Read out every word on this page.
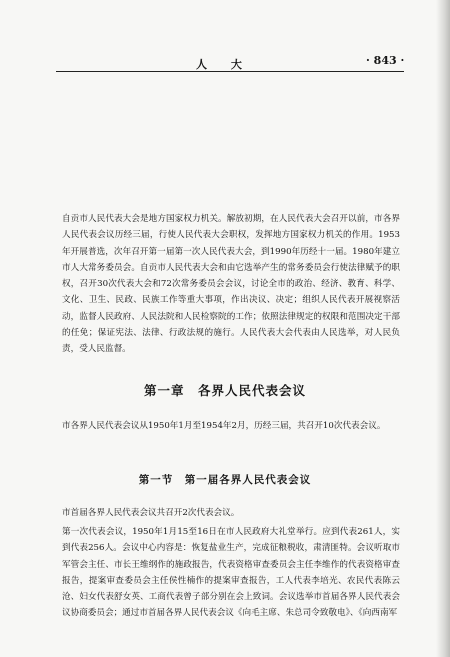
人 大	· 843 ·

自贡市人民代表大会是地方国家权力机关。解放初期，在人民代表大会召开以前，市各界人民代表会议历经三届，行使人民代表大会职权，发挥地方国家权力机关的作用。1953年开展普选，次年召开第一届第一次人民代表大会，到1990年历经十一届。1980年建立市人大常务委员会。自贡市人民代表大会和由它选举产生的常务委员会行使法律赋予的职权，召开30次代表大会和72次常务委员会会议，讨论全市的政治、经济、教育、科学、文化、卫生、民政、民族工作等重大事项，作出决议、决定；组织人民代表开展视察活动，监督人民政府、人民法院和人民检察院的工作；依照法律规定的权限和范围决定干部的任免；保证宪法、法律、行政法规的施行。人民代表大会代表由人民选举，对人民负责，受人民监督。

第一章　各界人民代表会议

市各界人民代表会议从1950年1月至1954年2月，历经三届，共召开10次代表会议。

第一节　第一届各界人民代表会议

市首届各界人民代表会议共召开2次代表会议。

第一次代表会议，1950年1月15至16日在市人民政府大礼堂举行。应到代表261人，实到代表256人。会议中心内容是：恢复盐业生产，完成征粮税收，肃清匪特。会议听取市军管会主任、市长王维纲作的施政报告，代表资格审查委员会主任李维作的代表资格审查报告，提案审查委员会主任侯性楠作的提案审查报告，工人代表李培光、农民代表陈云沧、妇女代表舒女英、工商代表曾子部分别在会上致词。会议选举市首届各界人民代表会议协商委员会；通过市首届各界人民代表会议《向毛主席、朱总司令致敬电》、《向西南军
